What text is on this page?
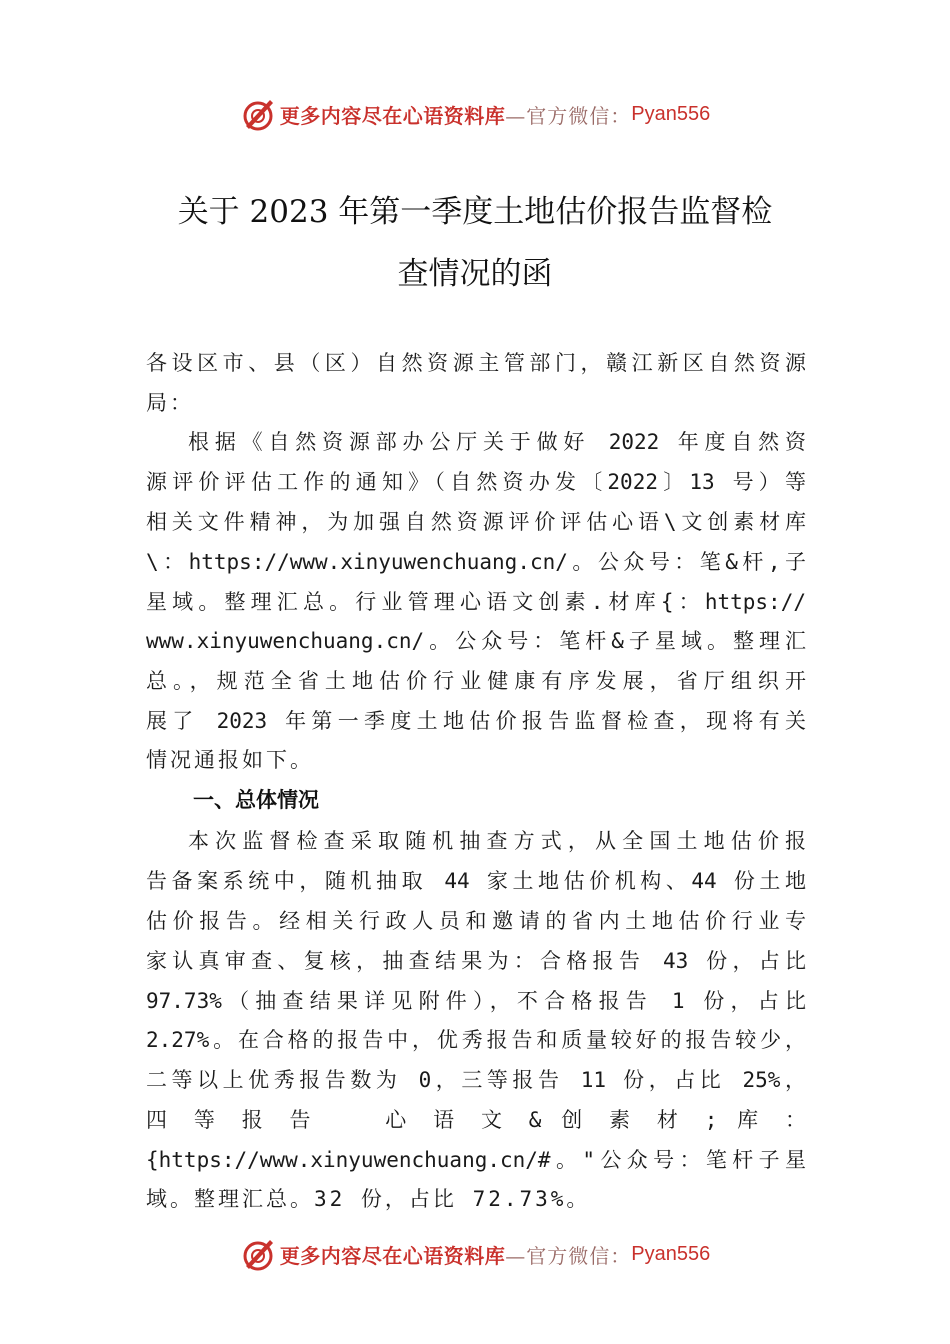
更多内容尽在心语资料库 —官方微信： Pyan556
关于 2023 年第一季度土地估价报告监督检
查情况的函
各设区市、县（区）自然资源主管部门，赣江新区自然资源
局：
根据《自然资源部办公厅关于做好 2022 年度自然资
源评价评估工作的通知》（自然资办发〔2022〕13 号）等
相关文件精神，为加强自然资源评价评估心语\文创素材库
\：https://www.xinyuwenchuang.cn/。公众号：笔&杆,子
星域。整理汇总。行业管理心语文创素.材库{：https://
www.xinyuwenchuang.cn/。公众号：笔杆&子星域。整理汇
总。，规范全省土地估价行业健康有序发展，省厅组织开
展了 2023 年第一季度土地估价报告监督检查，现将有关
情况通报如下。
一、总体情况
本次监督检查采取随机抽查方式，从全国土地估价报
告备案系统中，随机抽取 44 家土地估价机构、44 份土地
估价报告。经相关行政人员和邀请的省内土地估价行业专
家认真审查、复核，抽查结果为：合格报告 43 份，占比
97.73%（抽查结果详见附件），不合格报告 1 份，占比
2.27%。在合格的报告中，优秀报告和质量较好的报告较少，
二等以上优秀报告数为 0，三等报告 11 份，占比 25%，
四 等 报 告 　 心 语 文 & 创 素 材 ; 库 ：
{https://www.xinyuwenchuang.cn/#。"公众号：笔杆子星
域。整理汇总。32 份，占比 72.73%。
更多内容尽在心语资料库 —官方微信： Pyan556
